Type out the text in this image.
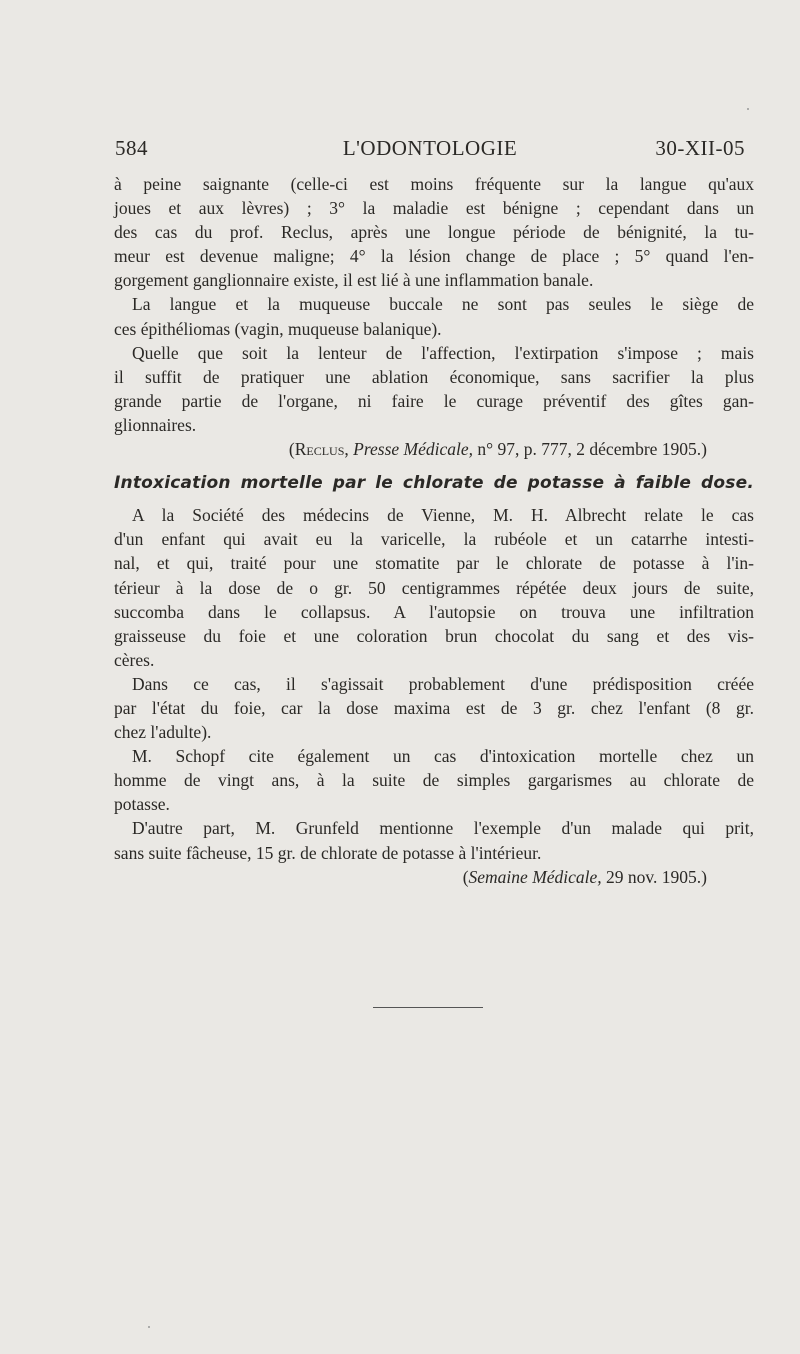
584	L'ODONTOLOGIE	30-XII-05

à peine saignante (celle-ci est moins fréquente sur la langue qu'aux

joues et aux lèvres) ; 3° la maladie est bénigne ; cependant dans un

des cas du prof. Reclus, après une longue période de bénignité, la tu-

meur est devenue maligne; 4° la lésion change de place ; 5° quand l'en-

gorgement ganglionnaire existe, il est lié à une inflammation banale.

La langue et la muqueuse buccale ne sont pas seules le siège de

ces épithéliomas (vagin, muqueuse balanique).

Quelle que soit la lenteur de l'affection, l'extirpation s'impose ; mais

il suffit de pratiquer une ablation économique, sans sacrifier la plus

grande partie de l'organe, ni faire le curage préventif des gîtes gan-

glionnaires.

(Reclus, Presse Médicale, n° 97, p. 777, 2 décembre 1905.)

Intoxication mortelle par le chlorate de potasse à faible dose.

A la Société des médecins de Vienne, M. H. Albrecht relate le cas

d'un enfant qui avait eu la varicelle, la rubéole et un catarrhe intesti-

nal, et qui, traité pour une stomatite par le chlorate de potasse à l'in-

térieur à la dose de o gr. 50 centigrammes répétée deux jours de suite,

succomba dans le collapsus. A l'autopsie on trouva une infiltration

graisseuse du foie et une coloration brun chocolat du sang et des vis-

cères.

Dans ce cas, il s'agissait probablement d'une prédisposition créée

par l'état du foie, car la dose maxima est de 3 gr. chez l'enfant (8 gr.

chez l'adulte).

M. Schopf cite également un cas d'intoxication mortelle chez un

homme de vingt ans, à la suite de simples gargarismes au chlorate de

potasse.

D'autre part, M. Grunfeld mentionne l'exemple d'un malade qui prit,

sans suite fâcheuse, 15 gr. de chlorate de potasse à l'intérieur.

(Semaine Médicale, 29 nov. 1905.)
